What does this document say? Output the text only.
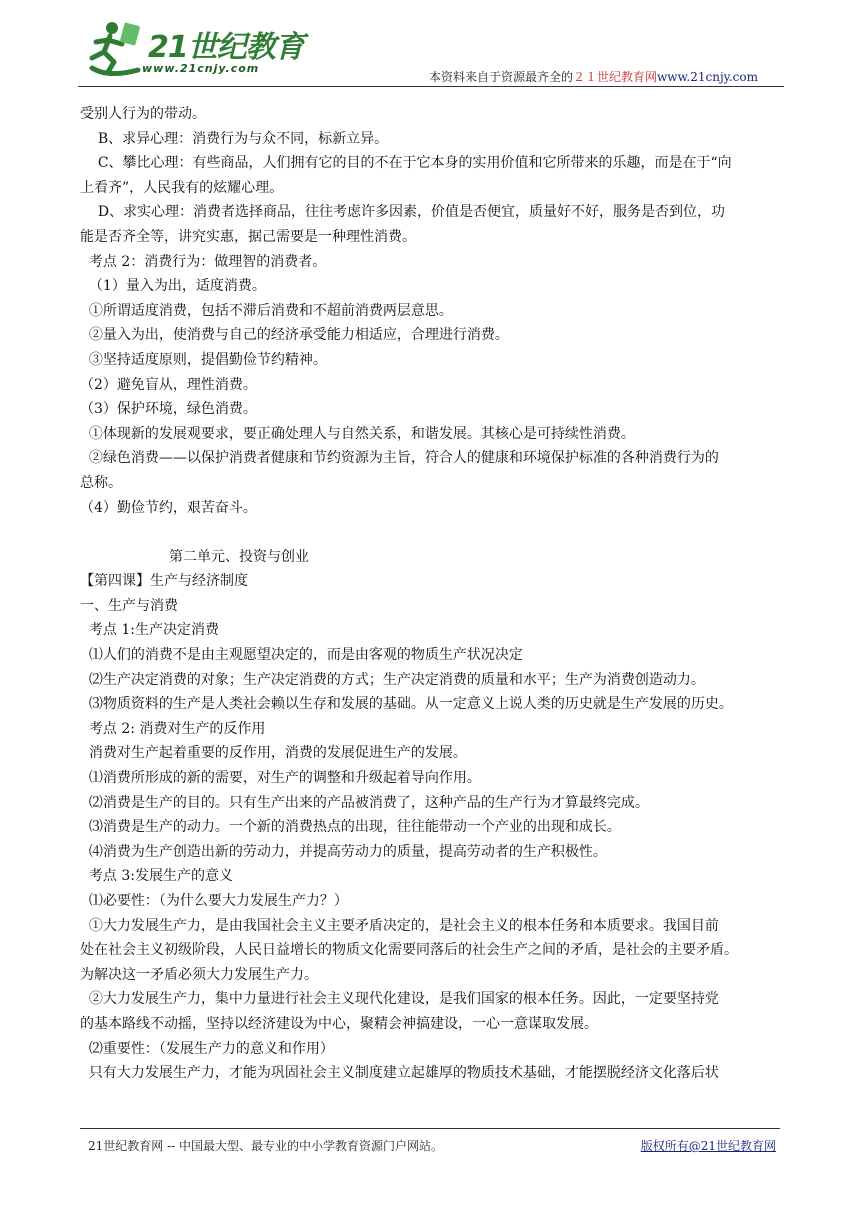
21世纪教育
www.21cnjy.com
本资料来自于资源最齐全的２１世纪教育网www.21cnjy.com

受别人行为的带动。

B、求异心理：消费行为与众不同，标新立异。

C、攀比心理：有些商品，人们拥有它的目的不在于它本身的实用价值和它所带来的乐趣，而是在于“向

上看齐”，人民我有的炫耀心理。

D、求实心理：消费者选择商品，往往考虑许多因素，价值是否便宜，质量好不好，服务是否到位，功

能是否齐全等，讲究实惠，据己需要是一种理性消费。

考点 2：消费行为：做理智的消费者。

（1）量入为出，适度消费。

①所谓适度消费，包括不滞后消费和不超前消费两层意思。

②量入为出，使消费与自己的经济承受能力相适应，合理进行消费。

③坚持适度原则，提倡勤俭节约精神。

（2）避免盲从，理性消费。

（3）保护环境，绿色消费。

①体现新的发展观要求，要正确处理人与自然关系，和谐发展。其核心是可持续性消费。

②绿色消费——以保护消费者健康和节约资源为主旨，符合人的健康和环境保护标准的各种消费行为的

总称。

（4）勤俭节约，艰苦奋斗。

第二单元、投资与创业

【第四课】生产与经济制度

一、生产与消费

考点 1:生产决定消费

⑴人们的消费不是由主观愿望决定的，而是由客观的物质生产状况决定

⑵生产决定消费的对象；生产决定消费的方式；生产决定消费的质量和水平；生产为消费创造动力。

⑶物质资料的生产是人类社会赖以生存和发展的基础。从一定意义上说人类的历史就是生产发展的历史。

考点 2: 消费对生产的反作用

消费对生产起着重要的反作用，消费的发展促进生产的发展。

⑴消费所形成的新的需要，对生产的调整和升级起着导向作用。

⑵消费是生产的目的。只有生产出来的产品被消费了，这种产品的生产行为才算最终完成。

⑶消费是生产的动力。一个新的消费热点的出现，往往能带动一个产业的出现和成长。

⑷消费为生产创造出新的劳动力，并提高劳动力的质量，提高劳动者的生产积极性。

考点 3:发展生产的意义

⑴必要性：（为什么要大力发展生产力？）

①大力发展生产力，是由我国社会主义主要矛盾决定的，是社会主义的根本任务和本质要求。我国目前

处在社会主义初级阶段，人民日益增长的物质文化需要同落后的社会生产之间的矛盾，是社会的主要矛盾。

为解决这一矛盾必须大力发展生产力。

②大力发展生产力，集中力量进行社会主义现代化建设，是我们国家的根本任务。因此，一定要坚持党

的基本路线不动摇，坚持以经济建设为中心，聚精会神搞建设，一心一意谋取发展。

⑵重要性：（发展生产力的意义和作用）

只有大力发展生产力，才能为巩固社会主义制度建立起雄厚的物质技术基础，才能摆脱经济文化落后状

21世纪教育网 -- 中国最大型、最专业的中小学教育资源门户网站。	版权所有@21世纪教育网
